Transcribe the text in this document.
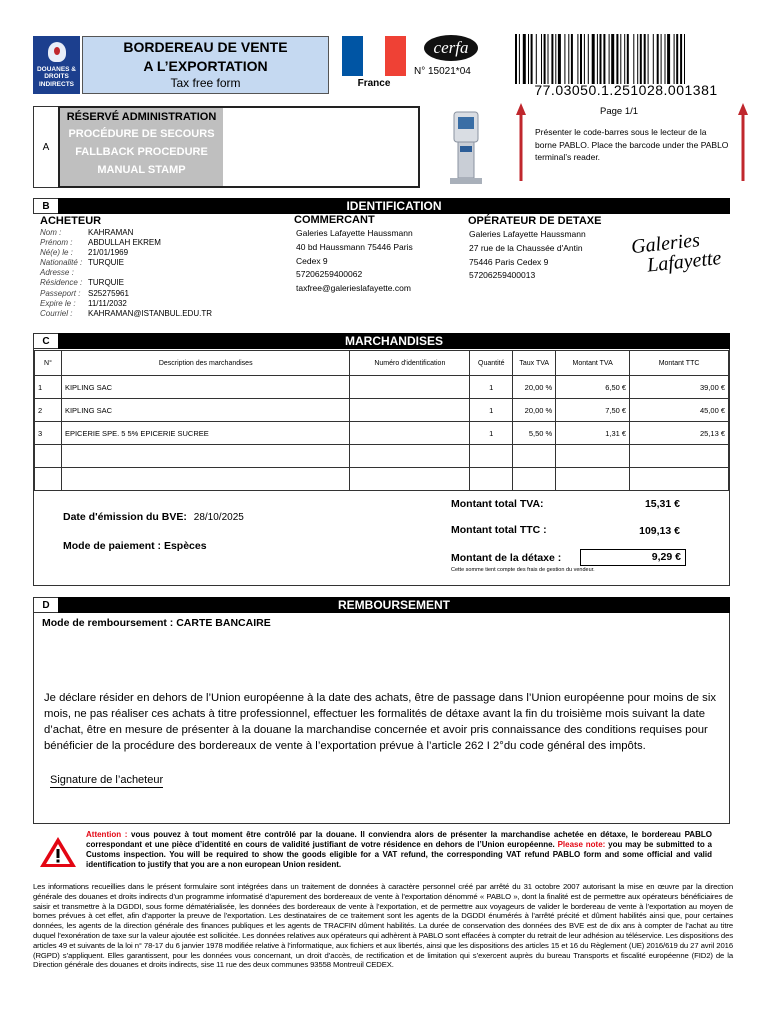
DOUANES & DROITS INDIRECTS
BORDEREAU DE VENTE
A L’EXPORTATION
Tax free form	France
cerfa
N° 15021*04
77.03050.1.251028.001381
Page 1/1
Présenter le code-barres sous le lecteur de la borne PABLO. Place the barcode under the PABLO terminal’s reader.
A
RÉSERVÉ ADMINISTRATION
PROCÉDURE DE SECOURS
FALLBACK PROCEDURE
MANUAL STAMP
B	IDENTIFICATION
ACHETEUR
Nom :	KAHRAMAN
Prénom : ABDULLAH EKREM
Né(e) le : 21/01/1969
Nationalité : TURQUIE
Adresse :
Résidence : TURQUIE
Passeport : S25275961
Expire le : 11/11/2032
Courriel : KAHRAMAN@ISTANBUL.EDU.TR
COMMERCANT
Galeries Lafayette Haussmann
40 bd Haussmann 75446 Paris
Cedex 9
57206259400062
taxfree@galerieslafayette.com
OPÉRATEUR DE DETAXE
Galeries Lafayette Haussmann
27 rue de la Chaussée d'Antin
75446 Paris Cedex 9
57206259400013
Galeries
Lafayette
C	MARCHANDISES
N°	Description des marchandises	Numéro d'identification	Quantité	Taux TVA	Montant TVA	Montant TTC
1	KIPLING SAC		1	20,00 %	6,50 €	39,00 €
2	KIPLING SAC		1	20,00 %	7,50 €	45,00 €
3	EPICERIE SPE. 5 5% EPICERIE SUCREE		1	5,50 %	1,31 €	25,13 €

Date d'émission du BVE: 28/10/2025
Mode de paiement : Espèces
Montant total TVA:	15,31 €
Montant total TTC :	109,13 €
Montant de la détaxe :	9,29 €
Cette somme tient compte des frais de gestion du vendeur.
D	REMBOURSEMENT
Mode de remboursement : CARTE BANCAIRE
Je déclare résider en dehors de l’Union européenne à la date des achats, être de passage dans l’Union européenne pour moins de six mois, ne pas réaliser ces achats à titre professionnel, effectuer les formalités de détaxe avant la fin du troisième mois suivant la date d’achat, être en mesure de présenter à la douane la marchandise concernée et avoir pris connaissance des conditions requises pour bénéficier de la procédure des bordereaux de vente à l’exportation prévue à l’article 262 I 2°du code général des impôts.
Signature de l’acheteur
Attention : vous pouvez à tout moment être contrôlé par la douane. Il conviendra alors de présenter la marchandise achetée en détaxe, le bordereau PABLO correspondant et une pièce d’identité en cours de validité justifiant de votre résidence en dehors de l’Union européenne. Please note: you may be submitted to a Customs inspection. You will be required to show the goods eligible for a VAT refund, the corresponding VAT refund PABLO form and some official and valid identification to justify that you are a non european Union resident.
Les informations recueillies dans le présent formulaire sont intégrées dans un traitement de données à caractère personnel créé par arrêté du 31 octobre 2007 autorisant la mise en œuvre par la direction générale des douanes et droits indirects d’un programme informatisé d’apurement des bordereaux de vente à l’exportation dénommé « PABLO », dont la finalité est de permettre aux opérateurs bénéficiaires de saisir et transmettre à la DGDDI, sous forme dématérialisée, les données des bordereaux de vente à l’exportation, et de permettre aux voyageurs de valider le bordereau de vente à l’exportation au moyen de bornes prévues à cet effet, afin d’apporter la preuve de l’exportation. Les destinataires de ce traitement sont les agents de la DGDDI énumérés à l’arrêté précité et dûment habilités ainsi que, pour certaines données, les agents de la direction générale des finances publiques et les agents de TRACFIN dûment habilités. La durée de conservation des données des BVE est de dix ans à compter de l’achat au titre duquel l’exonération de taxe sur la valeur ajoutée est sollicitée. Les données relatives aux opérateurs qui adhèrent à PABLO sont effacées à compter du retrait de leur adhésion au téléservice. Les dispositions des articles 49 et suivants de la loi n° 78-17 du 6 janvier 1978 modifiée relative à l’informatique, aux fichiers et aux libertés, ainsi que les dispositions des articles 15 et 16 du Règlement (UE) 2016/619 du 27 avril 2016 (RGPD) s’appliquent. Elles garantissent, pour les données vous concernant, un droit d’accès, de rectification et de limitation qui s’exercent auprès du bureau Transports et fiscalité européenne (FID2) de la Direction générale des douanes et droits indirects, sise 11 rue des deux communes 93558 Montreuil CEDEX.
